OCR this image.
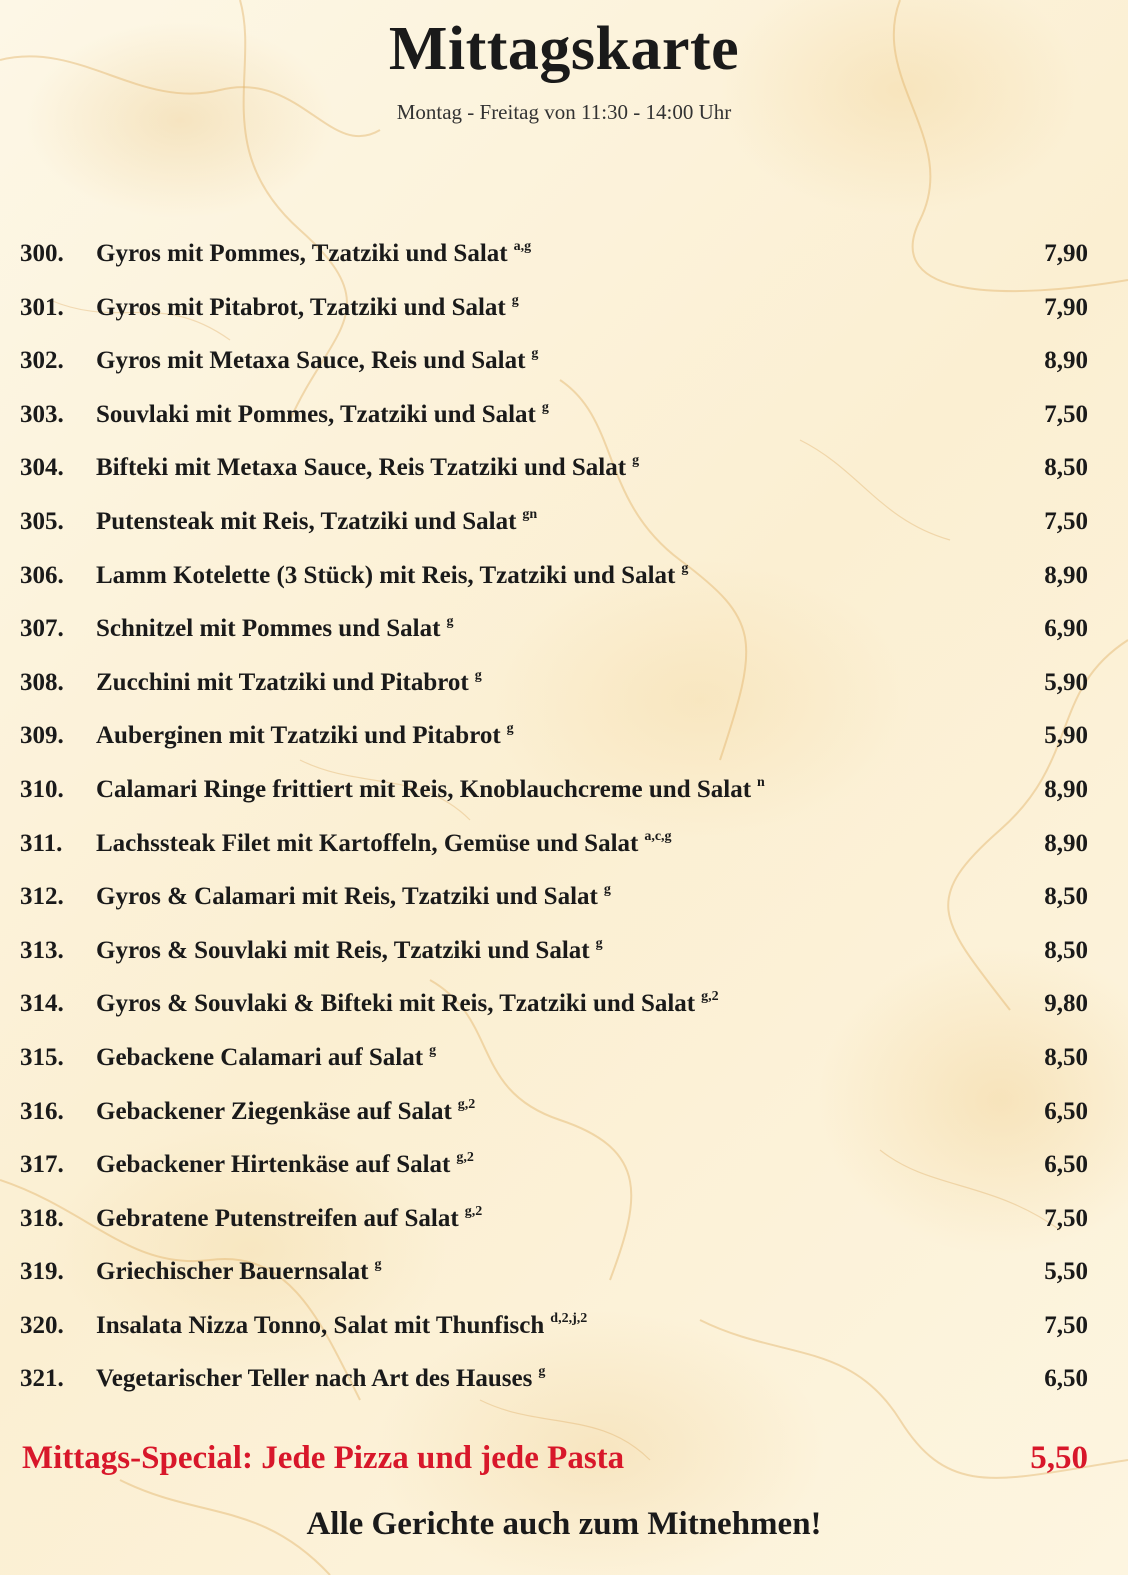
Mittagskarte
Montag - Freitag von 11:30 - 14:00 Uhr
300. Gyros mit Pommes, Tzatziki und Salat $^{a,g}$	7,90
301. Gyros mit Pitabrot, Tzatziki und Salat $^g$	7,90
302. Gyros mit Metaxa Sauce, Reis und Salat $^g$	8,90
303. Souvlaki mit Pommes, Tzatziki und Salat $^g$	7,50
304. Bifteki mit Metaxa Sauce, Reis Tzatziki und Salat $^g$	8,50
305. Putensteak mit Reis, Tzatziki und Salat $^{gn}$	7,50
306. Lamm Kotelette (3 Stück) mit Reis, Tzatziki und Salat $^g$	8,90
307. Schnitzel mit Pommes und Salat $^g$	6,90
308. Zucchini mit Tzatziki und Pitabrot $^g$	5,90
309. Auberginen mit Tzatziki und Pitabrot $^g$	5,90
310. Calamari Ringe frittiert mit Reis, Knoblauchcreme und Salat $^n$	8,90
311. Lachssteak Filet mit Kartoffeln, Gemüse und Salat $^{a,c,g}$	8,90
312. Gyros & Calamari mit Reis, Tzatziki und Salat $^g$	8,50
313. Gyros & Souvlaki mit Reis, Tzatziki und Salat $^g$	8,50
314. Gyros & Souvlaki & Bifteki mit Reis, Tzatziki und Salat $^{g,2}$	9,80
315. Gebackene Calamari auf Salat $^g$	8,50
316. Gebackener Ziegenkäse auf Salat $^{g,2}$	6,50
317. Gebackener Hirtenkäse auf Salat $^{g,2}$	6,50
318. Gebratene Putenstreifen auf Salat $^{g,2}$	7,50
319. Griechischer Bauernsalat $^g$	5,50
320. Insalata Nizza Tonno, Salat mit Thunfisch $^{d,2,j,2}$	7,50
321. Vegetarischer Teller nach Art des Hauses $^g$	6,50
Mittags-Special: Jede Pizza und jede Pasta	5,50
Alle Gerichte auch zum Mitnehmen!
